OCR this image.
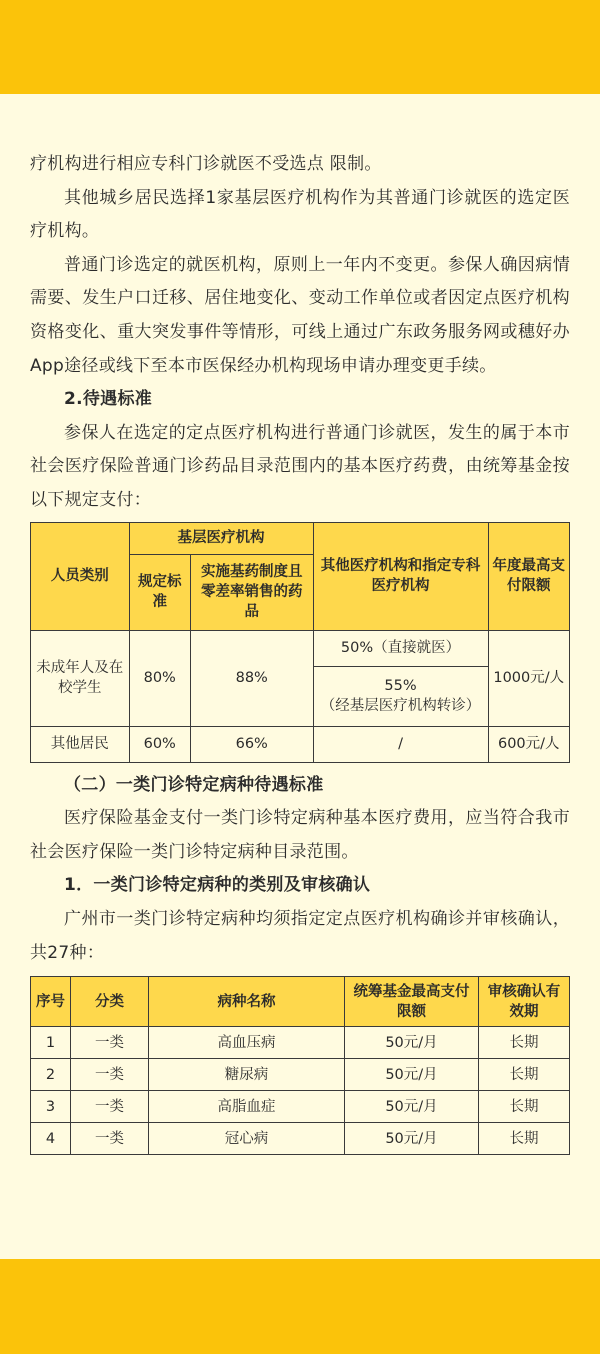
疗机构进行相应专科门诊就医不受选点 限制。

其他城乡居民选择1家基层医疗机构作为其普通门诊就医的选定医疗机构。

普通门诊选定的就医机构，原则上一年内不变更。参保人确因病情需要、发生户口迁移、居住地变化、变动工作单位或者因定点医疗机构资格变化、重大突发事件等情形，可线上通过广东政务服务网或穗好办App途径或线下至本市医保经办机构现场申请办理变更手续。

2.待遇标准

参保人在选定的定点医疗机构进行普通门诊就医，发生的属于本市社会医疗保险普通门诊药品目录范围内的基本医疗药费，由统筹基金按以下规定支付：

人员类别	基层医疗机构		其他医疗机构和指定专科医疗机构	年度最高支付限额
	规定标准	实施基药制度且零差率销售的药品		
未成年人及在校学生	80%	88%	50%（直接就医）	1000元/人

			55%
（经基层医疗机构转诊）	

其他居民	60%	66%	/	600元/人

（二）一类门诊特定病种待遇标准

医疗保险基金支付一类门诊特定病种基本医疗费用，应当符合我市社会医疗保险一类门诊特定病种目录范围。

1．一类门诊特定病种的类别及审核确认

广州市一类门诊特定病种均须指定定点医疗机构确诊并审核确认，共27种：

序号	分类	病种名称	统筹基金最高支付限额	审核确认有效期
1	一类	高血压病	50元/月	长期
2	一类	糖尿病	50元/月	长期
3	一类	高脂血症	50元/月	长期
4	一类	冠心病	50元/月	长期
